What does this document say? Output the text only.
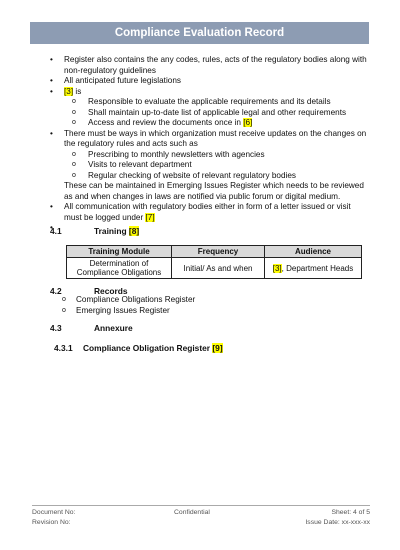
Compliance Evaluation Record
• Register also contains the any codes, rules, acts of the regulatory bodies along with non-regulatory guidelines
• All anticipated future legislations
• [3] is
o Responsible to evaluate the applicable requirements and its details
o Shall maintain up-to-date list of applicable legal and other requirements
o Access and review the documents once in [6]
• There must be ways in which organization must receive updates on the changes on the regulatory rules and acts such as
o Prescribing to monthly newsletters with agencies
o Visits to relevant department
o Regular checking of website of relevant regulatory bodies
These can be maintained in Emerging Issues Register which needs to be reviewed as and when changes in laws are notified via public forum or digital medium.
• All communication with regulatory bodies either in form of a letter issued or visit must be logged under [7]
•
4.1	Training [8]
Training Module	Frequency	Audience
Determination of Compliance Obligations	Initial/ As and when	[3], Department Heads
4.2	Records
o Compliance Obligations Register
o Emerging Issues Register
4.3	Annexure
4.3.1 Compliance Obligation Register [9]
Document No:	Confidential	Sheet: 4 of 5
Revision No:	Issue Date: xx-xxx-xx
